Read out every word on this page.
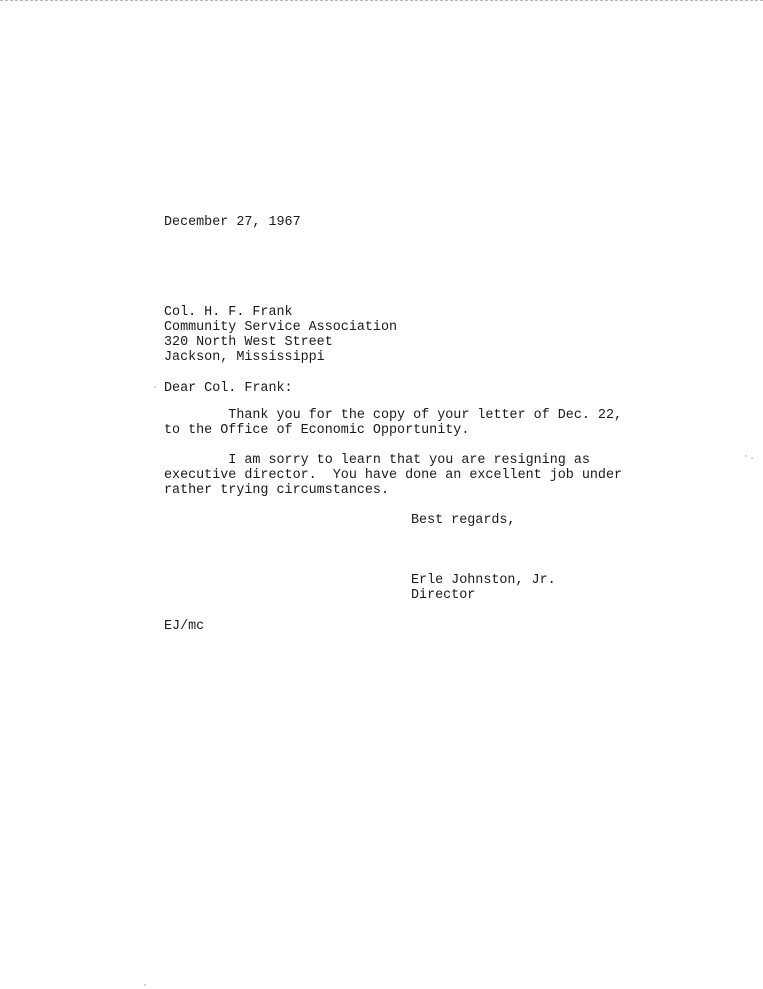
December 27, 1967

Col. H. F. Frank

Community Service Association

320 North West Street

Jackson, Mississippi

Dear Col. Frank:

Thank you for the copy of your letter of Dec. 22,

to the Office of Economic Opportunity.

I am sorry to learn that you are resigning as

executive director.  You have done an excellent job under

rather trying circumstances.

Best regards,

Erle Johnston, Jr.

Director

EJ/mc
